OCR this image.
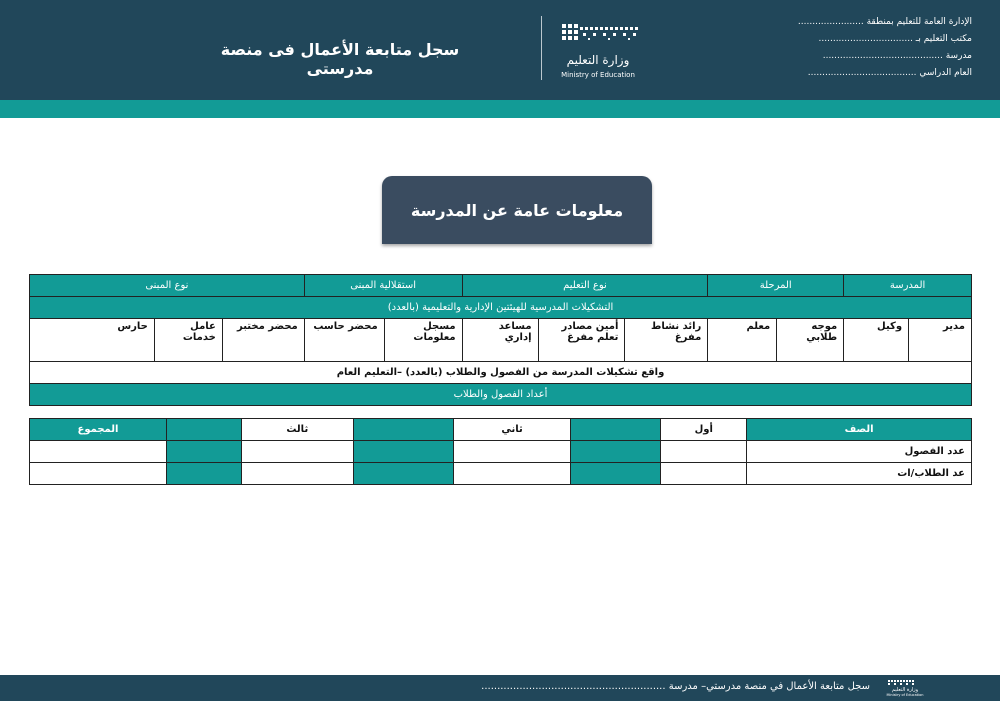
الإدارة العامة للتعليم بمنطقة .......................
مكتب التعليم بـ .................................
مدرسة ..........................................
العام الدراسي ......................................
وزارة التعليم
Ministry of Education
سجل متابعة الأعمال فى منصة مدرستى
معلومات عامة عن المدرسة
المدرسة		المرحلة		نوع التعليم			استقلالية المبنى		نوع المبنى		
التشكيلات المدرسية للهيئتين الإدارية والتعليمية (بالعدد)											
مدير	وكيل	موجه طلابي	معلم	رائد نشاط مفرغ	أمين مصادر تعلم مفرغ	مساعد إداري	مسجل معلومات	محضر حاسب	محضر مختبر	عامل خدمات	حارس
واقع تشكيلات المدرسة من الفصول والطلاب (بالعدد) –التعليم العام											
أعداد الفصول والطلاب											
الصف	أول		ثاني		ثالث		المجموع
عدد الفصول							
عد الطلاب/ات							
سجل متابعة الأعمال في منصة مدرستي– مدرسة ..........................................................	وزارة التعليم
Ministry of Education
